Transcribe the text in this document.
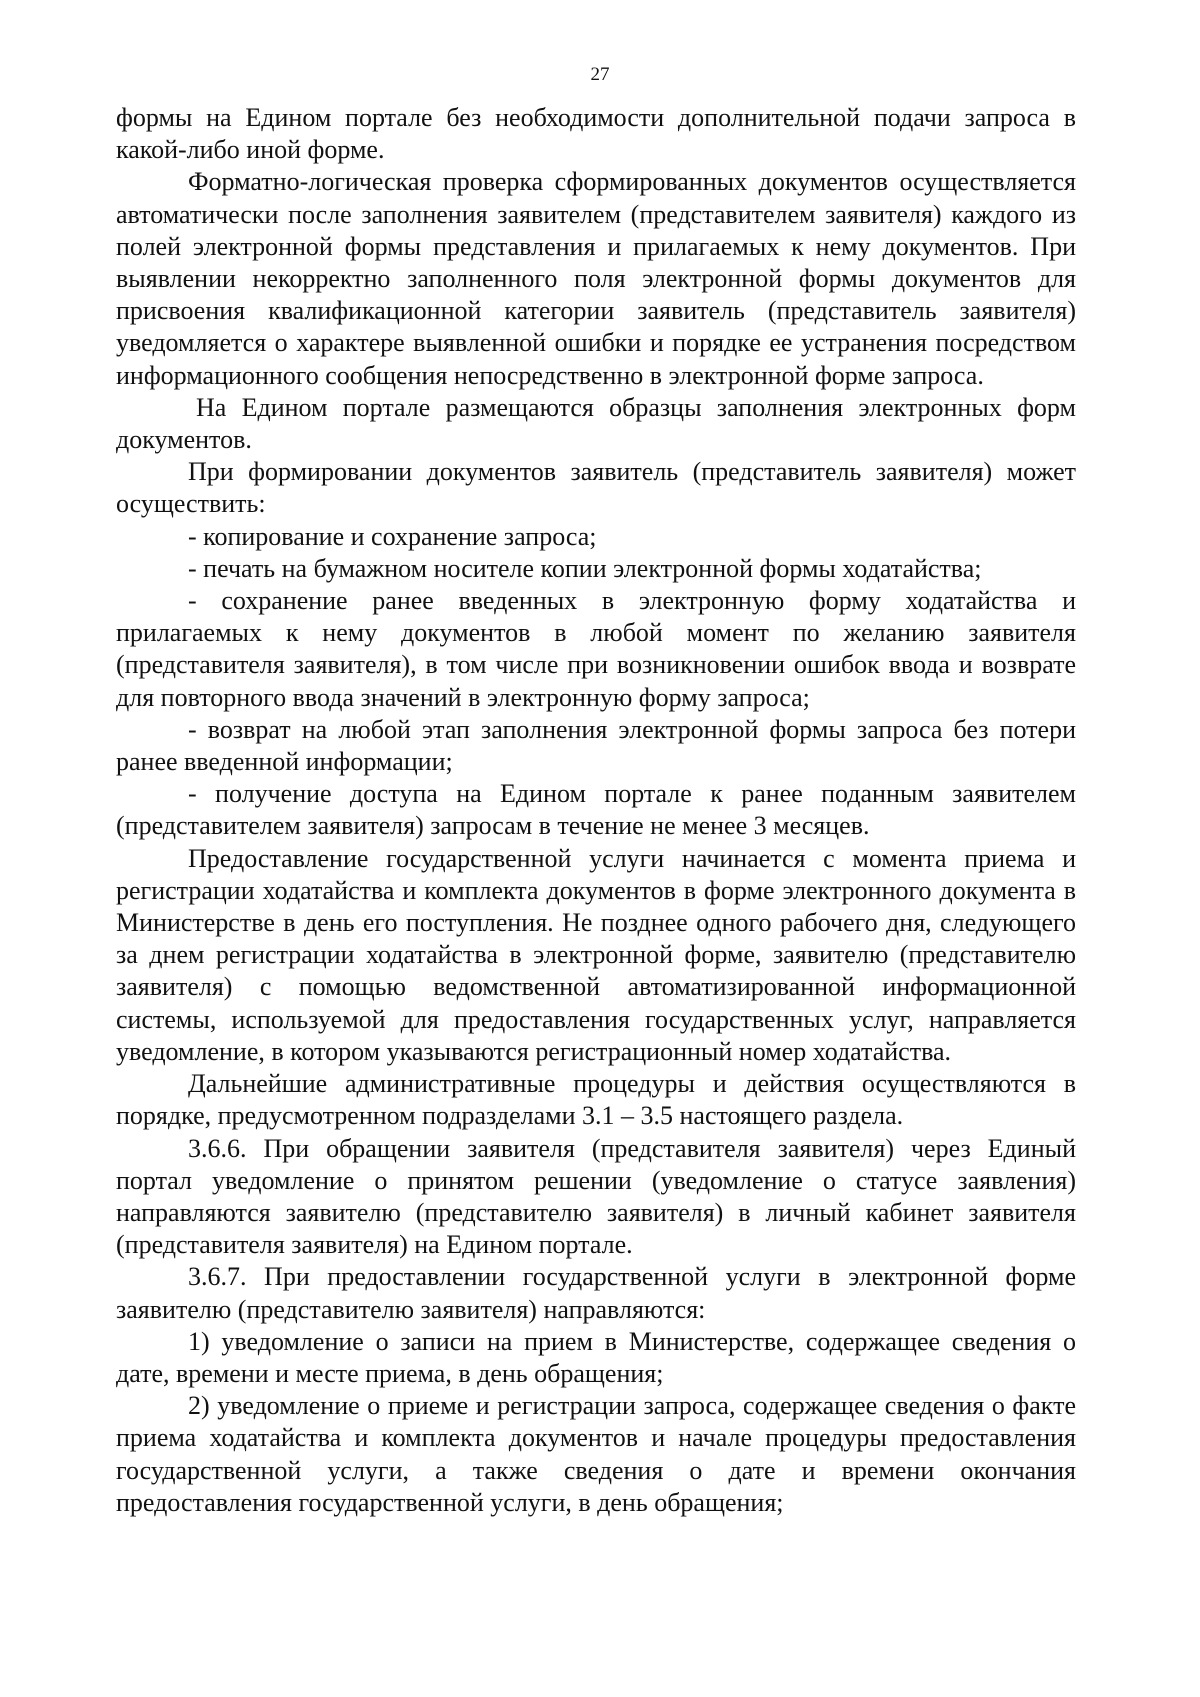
27

формы на Едином портале без необходимости дополнительной подачи запроса в какой-либо иной форме.

Форматно-логическая проверка сформированных документов осуществляется автоматически после заполнения заявителем (представителем заявителя) каждого из полей электронной формы представления и прилагаемых к нему документов. При выявлении некорректно заполненного поля электронной формы документов для присвоения квалификационной категории заявитель (представитель заявителя) уведомляется о характере выявленной ошибки и порядке ее устранения посредством информационного сообщения непосредственно в электронной форме запроса.

На Едином портале размещаются образцы заполнения электронных форм документов.

При формировании документов заявитель (представитель заявителя) может осуществить:

- копирование и сохранение запроса;

- печать на бумажном носителе копии электронной формы ходатайства;

- сохранение ранее введенных в электронную форму ходатайства и прилагаемых к нему документов в любой момент по желанию заявителя (представителя заявителя), в том числе при возникновении ошибок ввода и возврате для повторного ввода значений в электронную форму запроса;

- возврат на любой этап заполнения электронной формы запроса без потери ранее введенной информации;

- получение доступа на Едином портале к ранее поданным заявителем (представителем заявителя) запросам в течение не менее 3 месяцев.

Предоставление государственной услуги начинается с момента приема и регистрации ходатайства и комплекта документов в форме электронного документа в Министерстве в день его поступления. Не позднее одного рабочего дня, следующего за днем регистрации ходатайства в электронной форме, заявителю (представителю заявителя) с помощью ведомственной автоматизированной информационной системы, используемой для предоставления государственных услуг, направляется уведомление, в котором указываются регистрационный номер ходатайства.

Дальнейшие административные процедуры и действия осуществляются в порядке, предусмотренном подразделами 3.1 – 3.5 настоящего раздела.

3.6.6. При обращении заявителя (представителя заявителя) через Единый портал уведомление о принятом решении (уведомление о статусе заявления) направляются заявителю (представителю заявителя) в личный кабинет заявителя (представителя заявителя) на Едином портале.

3.6.7. При предоставлении государственной услуги в электронной форме заявителю (представителю заявителя) направляются:

1) уведомление о записи на прием в Министерстве, содержащее сведения о дате, времени и месте приема, в день обращения;

2) уведомление о приеме и регистрации запроса, содержащее сведения о факте приема ходатайства и комплекта документов и начале процедуры предоставления государственной услуги, а также сведения о дате и времени окончания предоставления государственной услуги, в день обращения;
